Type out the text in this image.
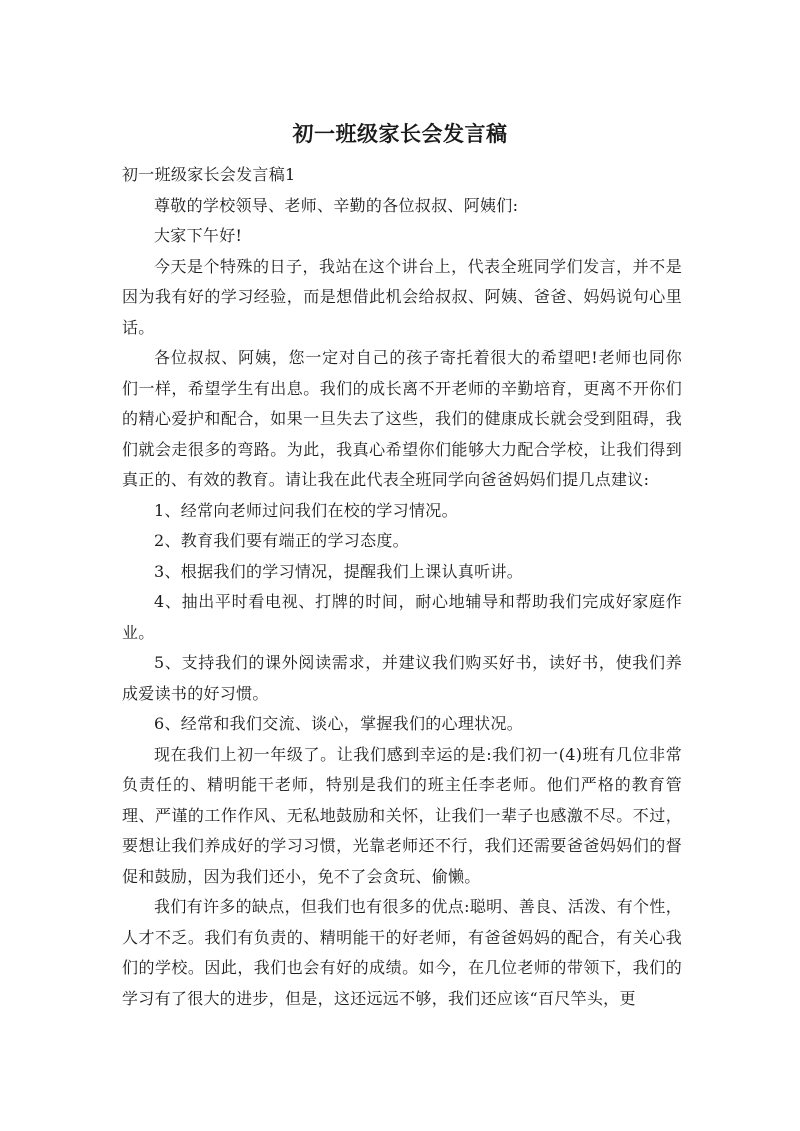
初一班级家长会发言稿

初一班级家长会发言稿1

尊敬的学校领导、老师、辛勤的各位叔叔、阿姨们:

大家下午好!

今天是个特殊的日子，我站在这个讲台上，代表全班同学们发言，并不是因为我有好的学习经验，而是想借此机会给叔叔、阿姨、爸爸、妈妈说句心里话。

各位叔叔、阿姨，您一定对自己的孩子寄托着很大的希望吧!老师也同你们一样，希望学生有出息。我们的成长离不开老师的辛勤培育，更离不开你们的精心爱护和配合，如果一旦失去了这些，我们的健康成长就会受到阻碍，我们就会走很多的弯路。为此，我真心希望你们能够大力配合学校，让我们得到真正的、有效的教育。请让我在此代表全班同学向爸爸妈妈们提几点建议:

1、经常向老师过问我们在校的学习情况。

2、教育我们要有端正的学习态度。

3、根据我们的学习情况，提醒我们上课认真听讲。

4、抽出平时看电视、打牌的时间，耐心地辅导和帮助我们完成好家庭作业。

5、支持我们的课外阅读需求，并建议我们购买好书，读好书，使我们养成爱读书的好习惯。

6、经常和我们交流、谈心，掌握我们的心理状况。

现在我们上初一年级了。让我们感到幸运的是:我们初一(4)班有几位非常负责任的、精明能干老师，特别是我们的班主任李老师。他们严格的教育管理、严谨的工作作风、无私地鼓励和关怀，让我们一辈子也感激不尽。不过，要想让我们养成好的学习习惯，光靠老师还不行，我们还需要爸爸妈妈们的督促和鼓励，因为我们还小，免不了会贪玩、偷懒。

我们有许多的缺点，但我们也有很多的优点:聪明、善良、活泼、有个性，人才不乏。我们有负责的、精明能干的好老师，有爸爸妈妈的配合，有关心我们的学校。因此，我们也会有好的成绩。如今，在几位老师的带领下，我们的学习有了很大的进步，但是，这还远远不够，我们还应该“百尺竿头，更
